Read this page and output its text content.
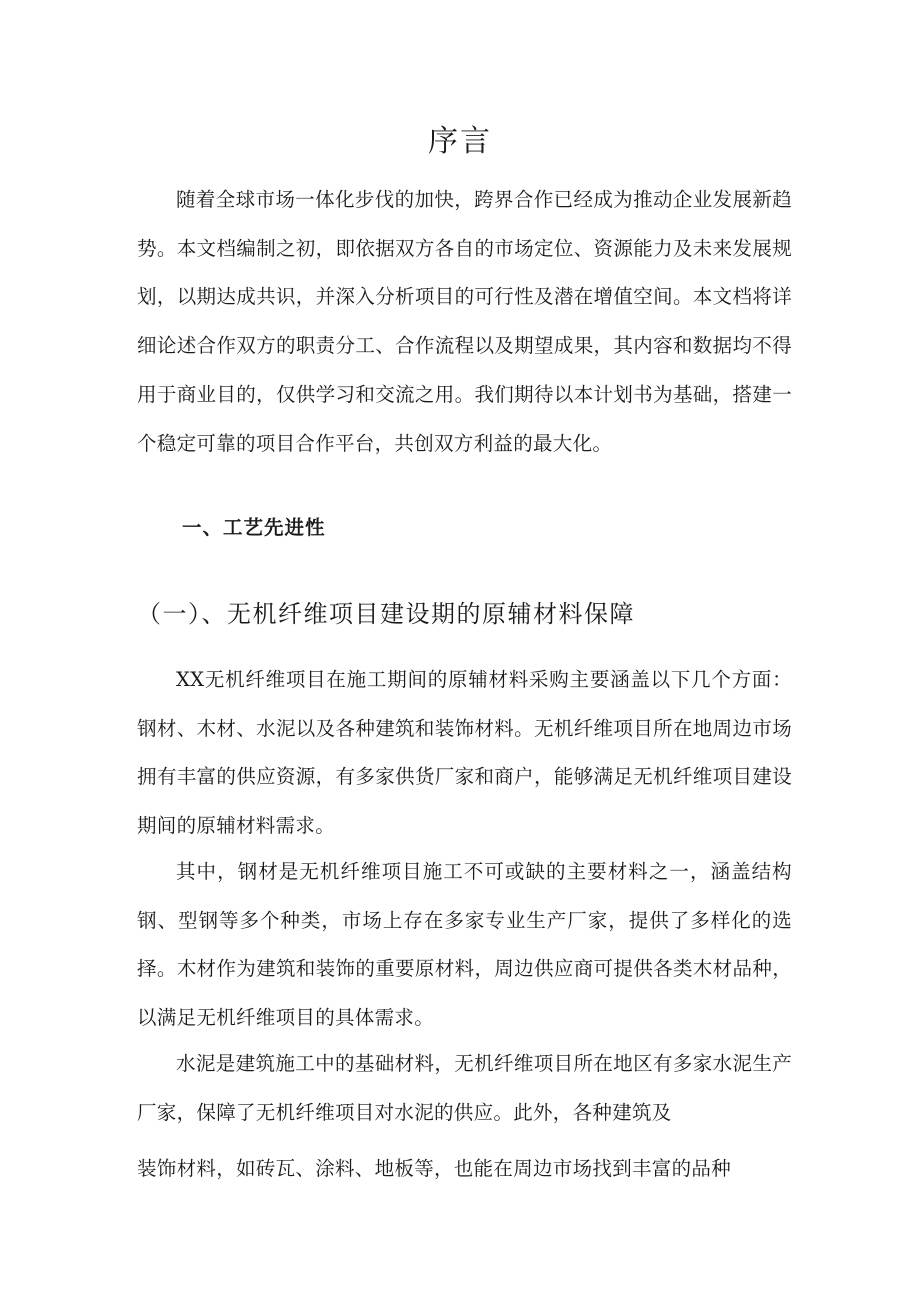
序言

随着全球市场一体化步伐的加快，跨界合作已经成为推动企业发展新趋势。本文档编制之初，即依据双方各自的市场定位、资源能力及未来发展规划，以期达成共识，并深入分析项目的可行性及潜在增值空间。本文档将详细论述合作双方的职责分工、合作流程以及期望成果，其内容和数据均不得用于商业目的，仅供学习和交流之用。我们期待以本计划书为基础，搭建一个稳定可靠的项目合作平台，共创双方利益的最大化。

一、工艺先进性
（一）、无机纤维项目建设期的原辅材料保障

XX无机纤维项目在施工期间的原辅材料采购主要涵盖以下几个方面：钢材、木材、水泥以及各种建筑和装饰材料。无机纤维项目所在地周边市场拥有丰富的供应资源，有多家供货厂家和商户，能够满足无机纤维项目建设期间的原辅材料需求。

其中，钢材是无机纤维项目施工不可或缺的主要材料之一，涵盖结构钢、型钢等多个种类，市场上存在多家专业生产厂家，提供了多样化的选择。木材作为建筑和装饰的重要原材料，周边供应商可提供各类木材品种，以满足无机纤维项目的具体需求。

水泥是建筑施工中的基础材料，无机纤维项目所在地区有多家水泥生产厂家，保障了无机纤维项目对水泥的供应。此外，各种建筑及

装饰材料，如砖瓦、涂料、地板等，也能在周边市场找到丰富的品种
